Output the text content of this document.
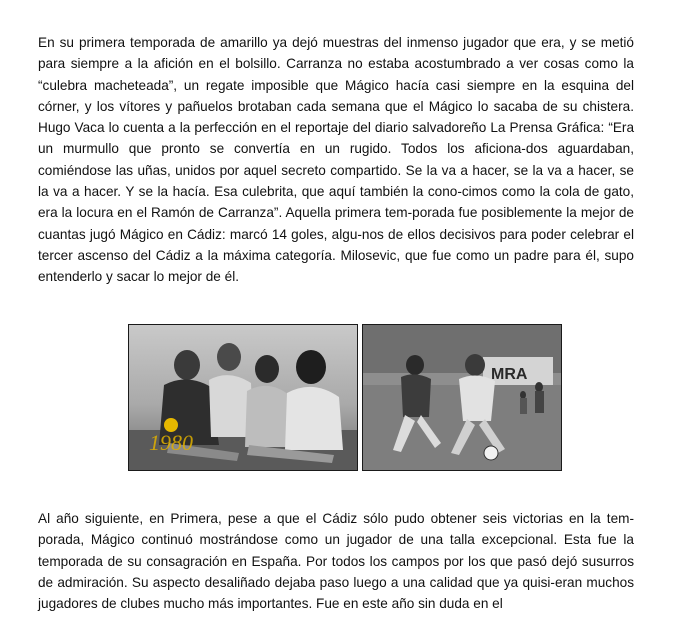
En su primera temporada de amarillo ya dejó muestras del inmenso jugador que era, y se metió para siempre a la afición en el bolsillo. Carranza no estaba acostumbrado a ver cosas como la “culebra macheteada”, un regate imposible que Mágico hacía casi siempre en la esquina del córner, y los vítores y pañuelos brotaban cada semana que el Mágico lo sacaba de su chistera. Hugo Vaca lo cuenta a la perfección en el reportaje del diario salvadoreño La Prensa Gráfica: “Era un murmullo que pronto se convertía en un rugido. Todos los aficiona-dos aguardaban, comiéndose las uñas, unidos por aquel secreto compartido. Se la va a hacer, se la va a hacer, se la va a hacer. Y se la hacía. Esa culebrita, que aquí también la cono-cimos como la cola de gato, era la locura en el Ramón de Carranza”. Aquella primera tem-porada fue posiblemente la mejor de cuantas jugó Mágico en Cádiz: marcó 14 goles, algu-nos de ellos decisivos para poder celebrar el tercer ascenso del Cádiz a la máxima categoría. Milosevic, que fue como un padre para él, supo entenderlo y sacar lo mejor de él.

1980
MRA

Al año siguiente, en Primera, pese a que el Cádiz sólo pudo obtener seis victorias en la tem-porada, Mágico continuó mostrándose como un jugador de una talla excepcional. Esta fue la temporada de su consagración en España. Por todos los campos por los que pasó dejó susurros de admiración. Su aspecto desaliñado dejaba paso luego a una calidad que ya quisi-eran muchos jugadores de clubes mucho más importantes. Fue en este año sin duda en el
